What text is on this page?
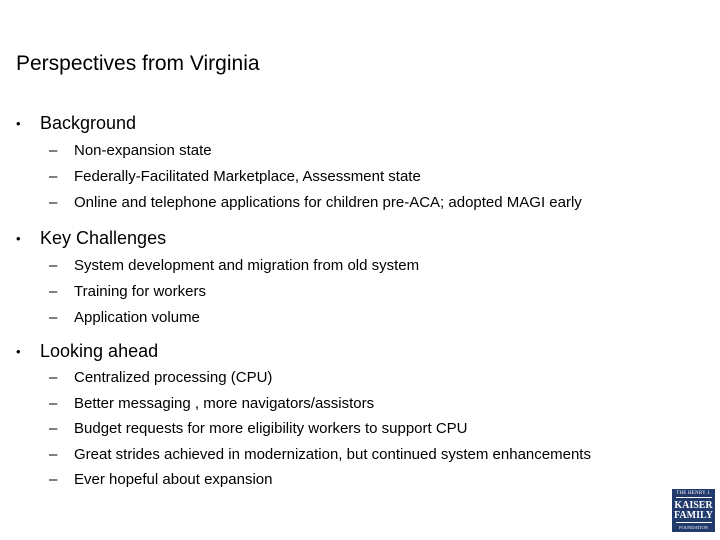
Perspectives from Virginia
•	Background
–	Non-expansion state
–	Federally-Facilitated Marketplace, Assessment state
–	Online and telephone applications for children pre-ACA; adopted MAGI early
•	Key Challenges
–	System development and migration from old system
–	Training for workers
–	Application volume
•	Looking ahead
–	Centralized processing (CPU)
–	Better messaging , more navigators/assistors
–	Budget requests for more eligibility workers to support CPU
–	Great strides achieved in modernization, but continued system enhancements
–	Ever hopeful about expansion
THE HENRY J.
KAISER
FAMILY
FOUNDATION
